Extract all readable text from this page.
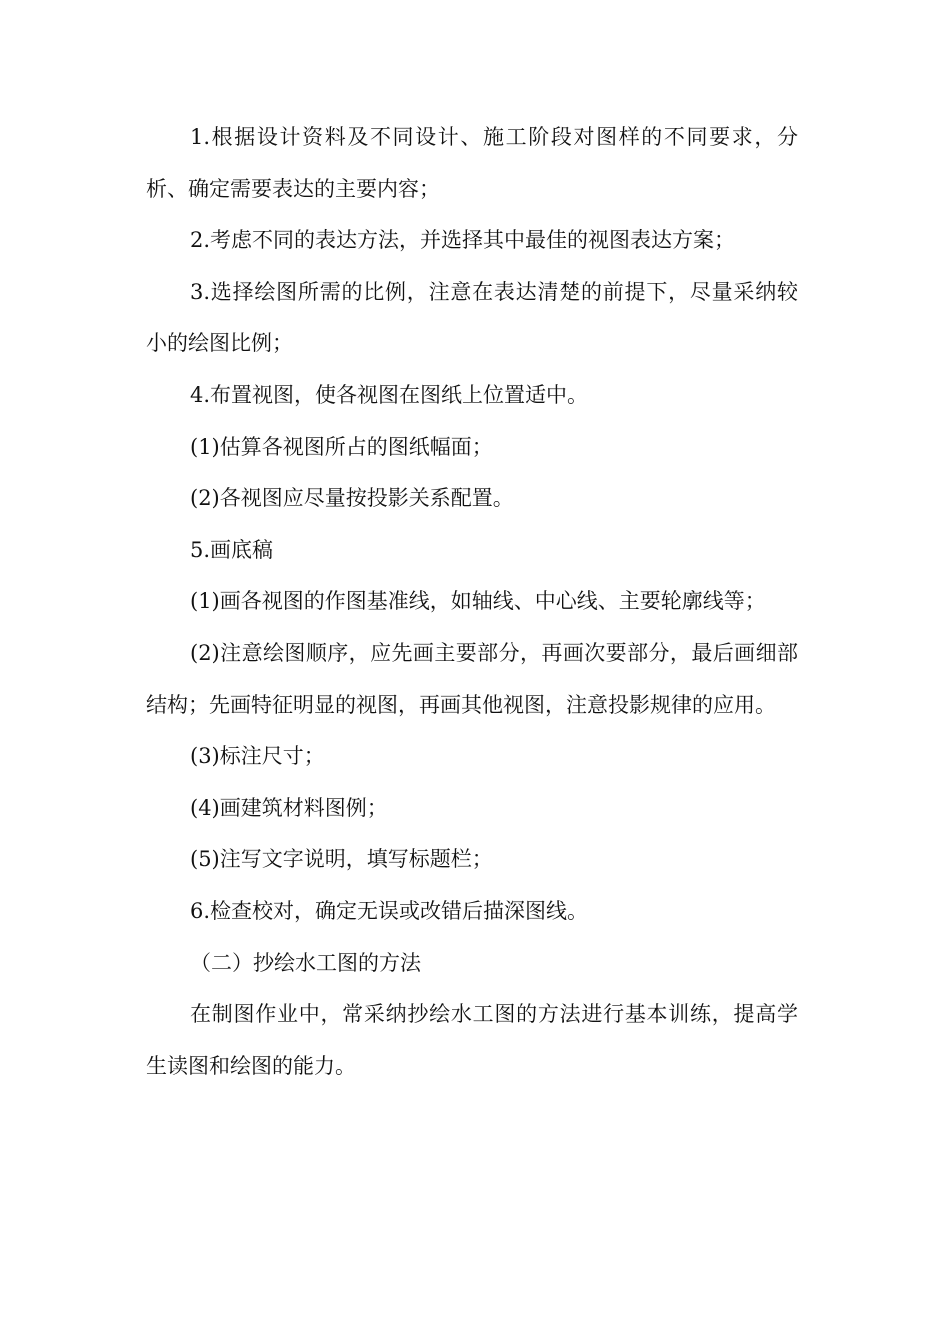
1.根据设计资料及不同设计、施工阶段对图样的不同要求，分析、确定需要表达的主要内容；

2.考虑不同的表达方法，并选择其中最佳的视图表达方案；

3.选择绘图所需的比例，注意在表达清楚的前提下，尽量采纳较小的绘图比例；

4.布置视图，使各视图在图纸上位置适中。

(1)估算各视图所占的图纸幅面；

(2)各视图应尽量按投影关系配置。

5.画底稿

(1)画各视图的作图基准线，如轴线、中心线、主要轮廓线等；

(2)注意绘图顺序，应先画主要部分，再画次要部分，最后画细部结构；先画特征明显的视图，再画其他视图，注意投影规律的应用。

(3)标注尺寸；

(4)画建筑材料图例；

(5)注写文字说明，填写标题栏；

6.检查校对，确定无误或改错后描深图线。

（二）抄绘水工图的方法

在制图作业中，常采纳抄绘水工图的方法进行基本训练，提高学生读图和绘图的能力。
